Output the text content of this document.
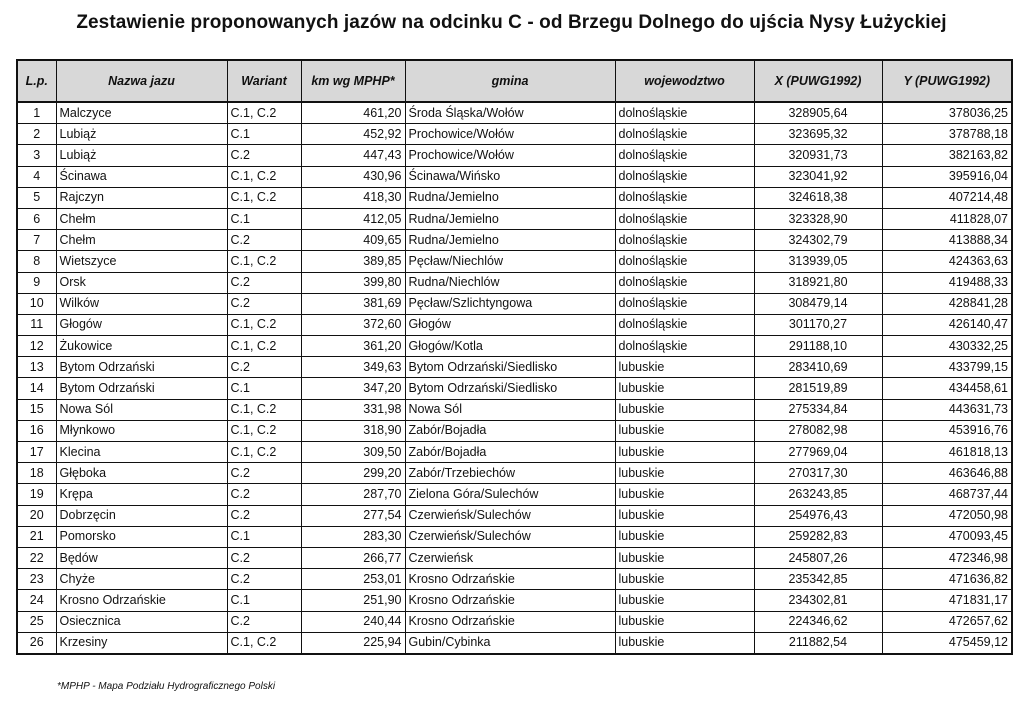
Zestawienie proponowanych jazów na odcinku C - od Brzegu Dolnego do ujścia Nysy Łużyckiej
L.p.	Nazwa jazu	Wariant	km wg MPHP*	gmina	wojewodztwo	X (PUWG1992)	Y (PUWG1992)
1	Malczyce	C.1, C.2	461,20	Środa Śląska/Wołów	dolnośląskie	328905,64	378036,25
2	Lubiąż	C.1	452,92	Prochowice/Wołów	dolnośląskie	323695,32	378788,18
3	Lubiąż	C.2	447,43	Prochowice/Wołów	dolnośląskie	320931,73	382163,82
4	Ścinawa	C.1, C.2	430,96	Ścinawa/Wińsko	dolnośląskie	323041,92	395916,04
5	Rajczyn	C.1, C.2	418,30	Rudna/Jemielno	dolnośląskie	324618,38	407214,48
6	Chełm	C.1	412,05	Rudna/Jemielno	dolnośląskie	323328,90	411828,07
7	Chełm	C.2	409,65	Rudna/Jemielno	dolnośląskie	324302,79	413888,34
8	Wietszyce	C.1, C.2	389,85	Pęcław/Niechlów	dolnośląskie	313939,05	424363,63
9	Orsk	C.2	399,80	Rudna/Niechlów	dolnośląskie	318921,80	419488,33
10	Wilków	C.2	381,69	Pęcław/Szlichtyngowa	dolnośląskie	308479,14	428841,28
11	Głogów	C.1, C.2	372,60	Głogów	dolnośląskie	301170,27	426140,47
12	Żukowice	C.1, C.2	361,20	Głogów/Kotla	dolnośląskie	291188,10	430332,25
13	Bytom Odrzański	C.2	349,63	Bytom Odrzański/Siedlisko	lubuskie	283410,69	433799,15
14	Bytom Odrzański	C.1	347,20	Bytom Odrzański/Siedlisko	lubuskie	281519,89	434458,61
15	Nowa Sól	C.1, C.2	331,98	Nowa Sól	lubuskie	275334,84	443631,73
16	Młynkowo	C.1, C.2	318,90	Zabór/Bojadła	lubuskie	278082,98	453916,76
17	Klecina	C.1, C.2	309,50	Zabór/Bojadła	lubuskie	277969,04	461818,13
18	Głęboka	C.2	299,20	Zabór/Trzebiechów	lubuskie	270317,30	463646,88
19	Krępa	C.2	287,70	Zielona Góra/Sulechów	lubuskie	263243,85	468737,44
20	Dobrzęcin	C.2	277,54	Czerwieńsk/Sulechów	lubuskie	254976,43	472050,98
21	Pomorsko	C.1	283,30	Czerwieńsk/Sulechów	lubuskie	259282,83	470093,45
22	Będów	C.2	266,77	Czerwieńsk	lubuskie	245807,26	472346,98
23	Chyże	C.2	253,01	Krosno Odrzańskie	lubuskie	235342,85	471636,82
24	Krosno Odrzańskie	C.1	251,90	Krosno Odrzańskie	lubuskie	234302,81	471831,17
25	Osiecznica	C.2	240,44	Krosno Odrzańskie	lubuskie	224346,62	472657,62
26	Krzesiny	C.1, C.2	225,94	Gubin/Cybinka	lubuskie	211882,54	475459,12
*MPHP - Mapa Podziału Hydrograficznego Polski
